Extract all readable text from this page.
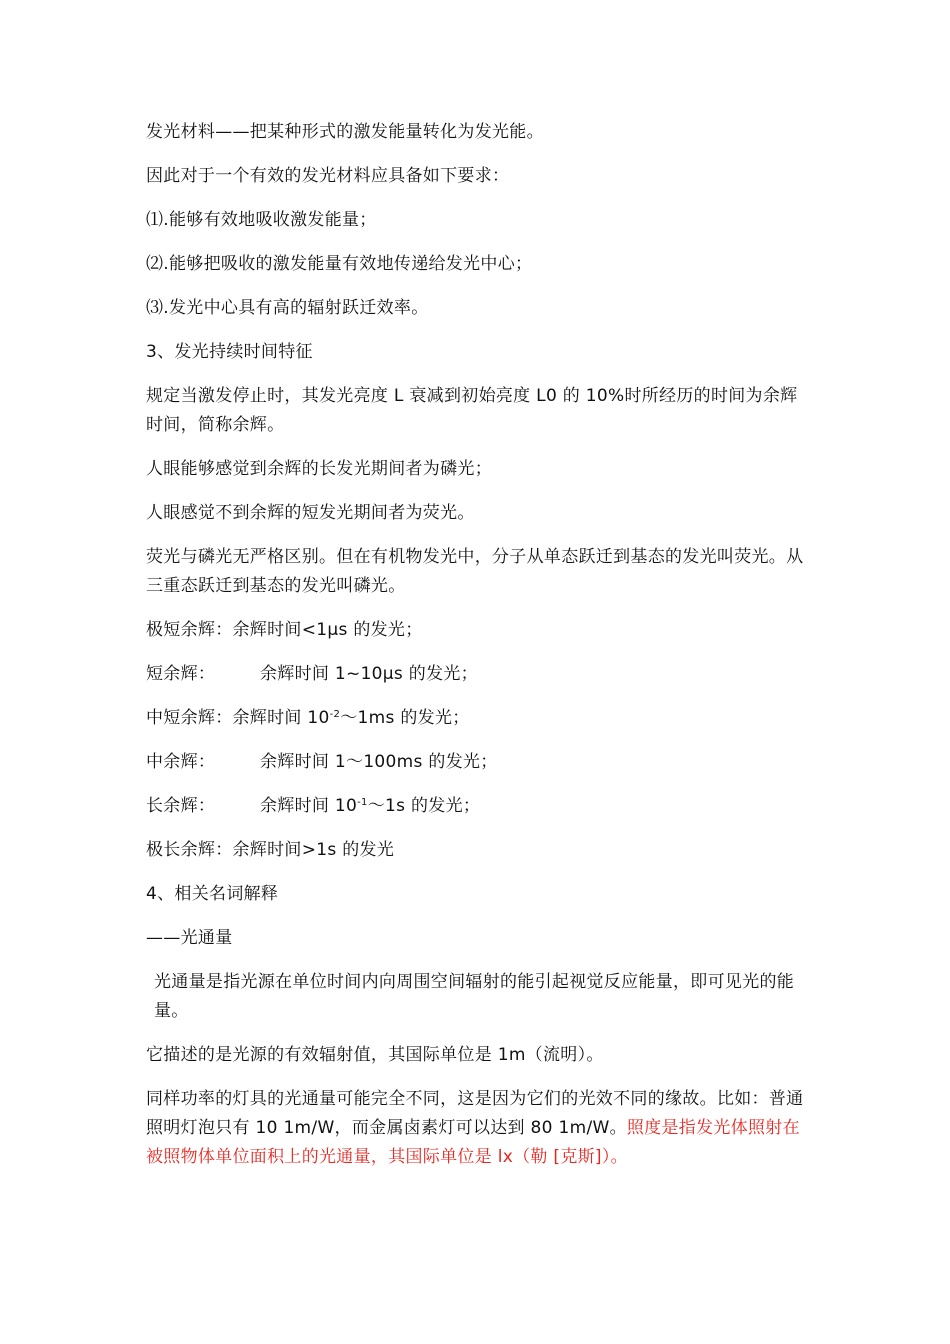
发光材料——把某种形式的激发能量转化为发光能。

因此对于一个有效的发光材料应具备如下要求：

⑴.能够有效地吸收激发能量；

⑵.能够把吸收的激发能量有效地传递给发光中心；

⑶.发光中心具有高的辐射跃迁效率。

3、发光持续时间特征

规定当激发停止时，其发光亮度 L 衰减到初始亮度 L0 的 10%时所经历的时间为余辉时间，简称余辉。

人眼能够感觉到余辉的长发光期间者为磷光；

人眼感觉不到余辉的短发光期间者为荧光。

荧光与磷光无严格区别。但在有机物发光中，分子从单态跃迁到基态的发光叫荧光。从三重态跃迁到基态的发光叫磷光。

极短余辉： 余辉时间<1μs 的发光；

短余辉：	余辉时间 1~10μs 的发光；

中短余辉： 余辉时间 $10^{-2}\sim 1ms$ 的发光；

中余辉：	余辉时间 1～100ms 的发光；

长余辉：	余辉时间 $10^{-1}\sim 1s$ 的发光；

极长余辉： 余辉时间>1s 的发光

4、相关名词解释

——光通量

光通量是指光源在单位时间内向周围空间辐射的能引起视觉反应能量，即可见光的能量。

它描述的是光源的有效辐射值，其国际单位是 1m（流明）。

同样功率的灯具的光通量可能完全不同，这是因为它们的光效不同的缘故。比如：普通照明灯泡只有 10 1m/W，而金属卤素灯可以达到 80 1m/W。照度是指发光体照射在被照物体单位面积上的光通量，其国际单位是 lx（勒 [克斯]）。
